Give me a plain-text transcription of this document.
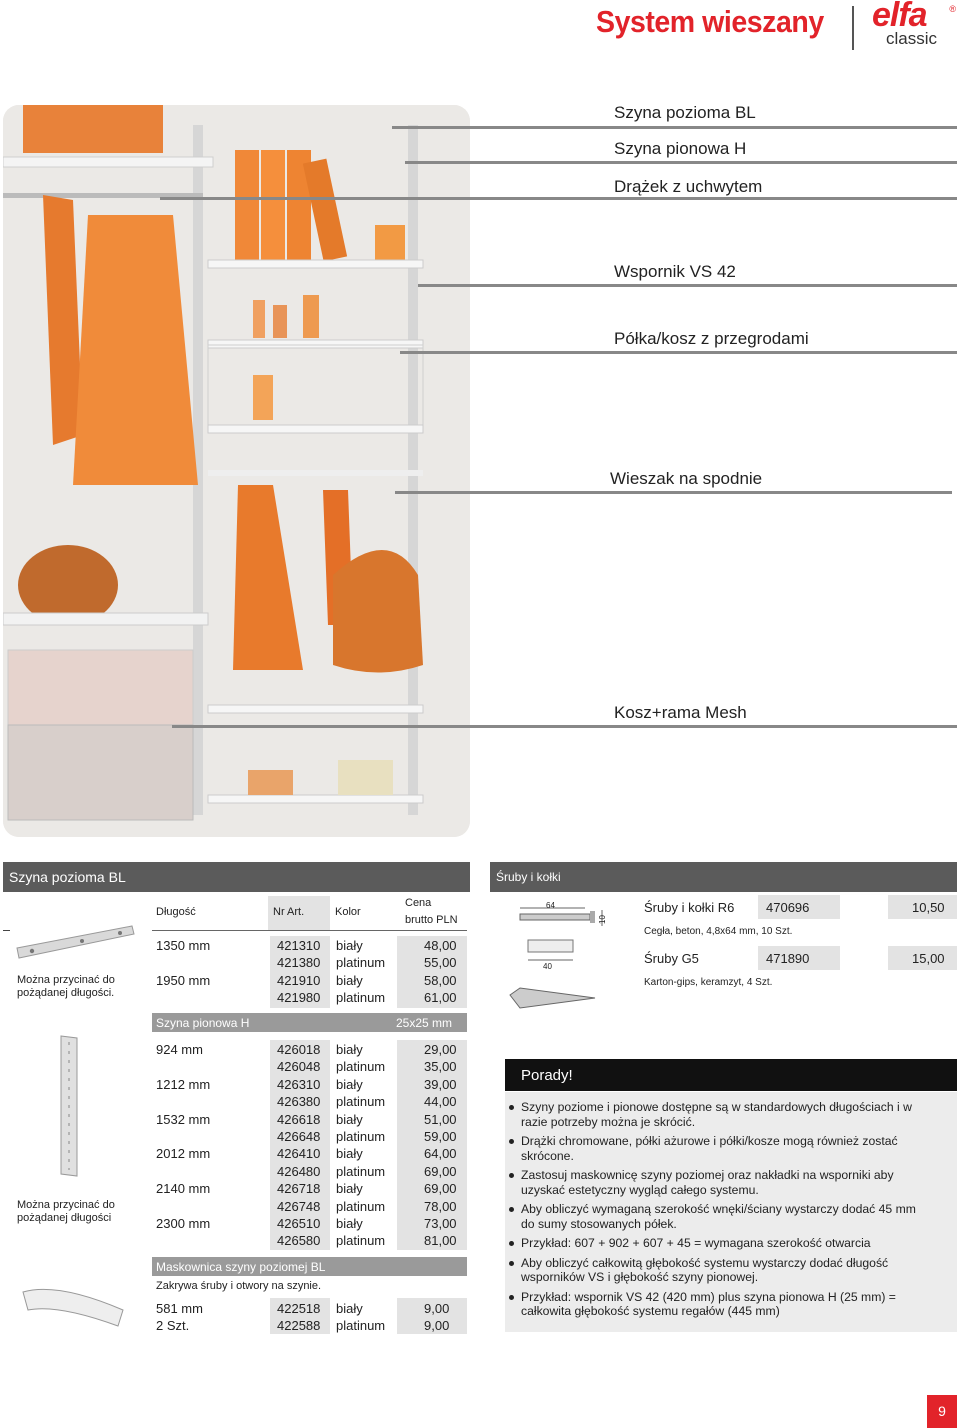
System wieszany elfa	®
classic
Szyna pozioma BL
Szyna pionowa H
Drążek z uchwytem
Wspornik VS 42
Półka/kosz z przegrodami
Wieszak na spodnie
Kosz+rama Mesh
Szyna pozioma BL
Można przycinać do pożądanej długości.
Długość	Nr Art.	Kolor
Cena
brutto PLN
1350 mm	421310 biały	48,00
421380 platinum	55,00
1950 mm	421910 biały	58,00
421980 platinum	61,00
Szyna pionowa H	25x25 mm
Można przycinać do pożądanej długości
924 mm	426018 biały	29,00
426048 platinum	35,00
1212 mm	426310 biały	39,00
426380 platinum	44,00
1532 mm	426618 biały	51,00
426648 platinum	59,00
2012 mm	426410 biały	64,00
426480 platinum	69,00
2140 mm	426718 biały	69,00
426748 platinum	78,00
2300 mm	426510 biały	73,00
426580 platinum	81,00
Maskownica szyny poziomej BL
Zakrywa śruby i otwory na szynie.
581 mm	422518 biały	9,00
2 Szt.	422588 platinum	9,00
Śruby i kołki
64
10
40
Śruby i kołki R6 470696	10,50
Cegła, beton, 4,8x64 mm, 10 Szt.
Śruby G5	471890	15,00
Karton-gips, keramzyt, 4 Szt.
Porady!
Szyny poziome i pionowe dostępne są w standardowych długościach i w razie potrzeby można je skrócić.
Drążki chromowane, półki ażurowe i półki/kosze mogą również zostać skrócone.
Zastosuj maskownicę szyny poziomej oraz nakładki na wsporniki aby uzyskać estetyczny wygląd całego systemu.
Aby obliczyć wymaganą szerokość wnęki/ściany wystarczy dodać 45 mm do sumy stosowanych półek.
Przykład: 607 + 902 + 607 + 45 = wymagana szerokość otwarcia
Aby obliczyć całkowitą głębokość systemu wystarczy dodać długość wsporników VS i głębokość szyny pionowej.
Przykład: wspornik VS 42 (420 mm) plus szyna pionowa H (25 mm) = całkowita głębokość systemu regałów (445 mm)
9
